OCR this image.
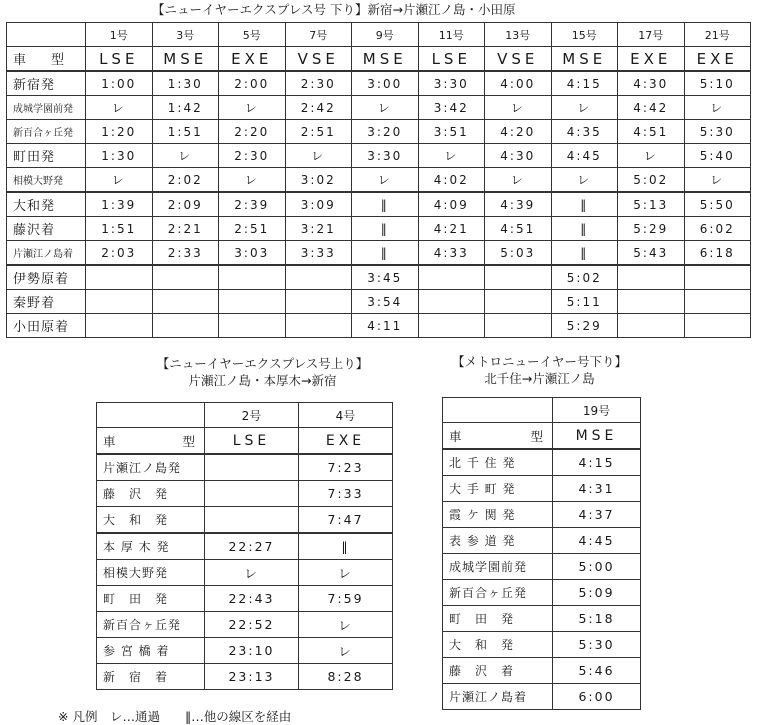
【ニューイヤーエクスプレス号 下り】新宿→片瀬江ノ島・小田原
	1号	3号	5号	7号	9号	11号	13号	15号	17号	21号
車　型	LSE	MSE	EXE	VSE	MSE	LSE	VSE	MSE	EXE	EXE
新宿発	1:00	1:30	2:00	2:30	3:00	3:30	4:00	4:15	4:30	5:10
成城学園前発	レ	1:42	レ	2:42	レ	3:42	レ	レ	4:42	レ
新百合ヶ丘発	1:20	1:51	2:20	2:51	3:20	3:51	4:20	4:35	4:51	5:30
町田発	1:30	レ	2:30	レ	3:30	レ	4:30	4:45	レ	5:40
相模大野発	レ	2:02	レ	3:02	レ	4:02	レ	レ	5:02	レ
大和発	1:39	2:09	2:39	3:09	‖	4:09	4:39	‖	5:13	5:50
藤沢着	1:51	2:21	2:51	3:21	‖	4:21	4:51	‖	5:29	6:02
片瀬江ノ島着	2:03	2:33	3:03	3:33	‖	4:33	5:03	‖	5:43	6:18
伊勢原着					3:45			5:02		
秦野着					3:54			5:11		
小田原着					4:11			5:29		
【ニューイヤーエクスプレス号上り】
片瀬江ノ島・本厚木→新宿
	2号	4号
車 型	LSE	EXE
片瀬江ノ島発		7:23
藤　沢　発		7:33
大　和　発		7:47
本 厚 木 発	22:27	‖
相模大野発	レ	レ
町　田　発	22:43	7:59
新百合ヶ丘発	22:52	レ
参 宮 橋 着	23:10	レ
新　宿　着	23:13	8:28
【メトロニューイヤー号下り】
北千住→片瀬江ノ島
	19号
車 型	MSE
北 千 住 発	4:15
大 手 町 発	4:31
霞 ケ 関 発	4:37
表 参 道 発	4:45
成城学園前発	5:00
新百合ヶ丘発	5:09
町　田　発	5:18
大　和　発	5:30
藤　沢　着	5:46
片瀬江ノ島着	6:00
※ 凡例　レ…通過　　‖…他の線区を経由
